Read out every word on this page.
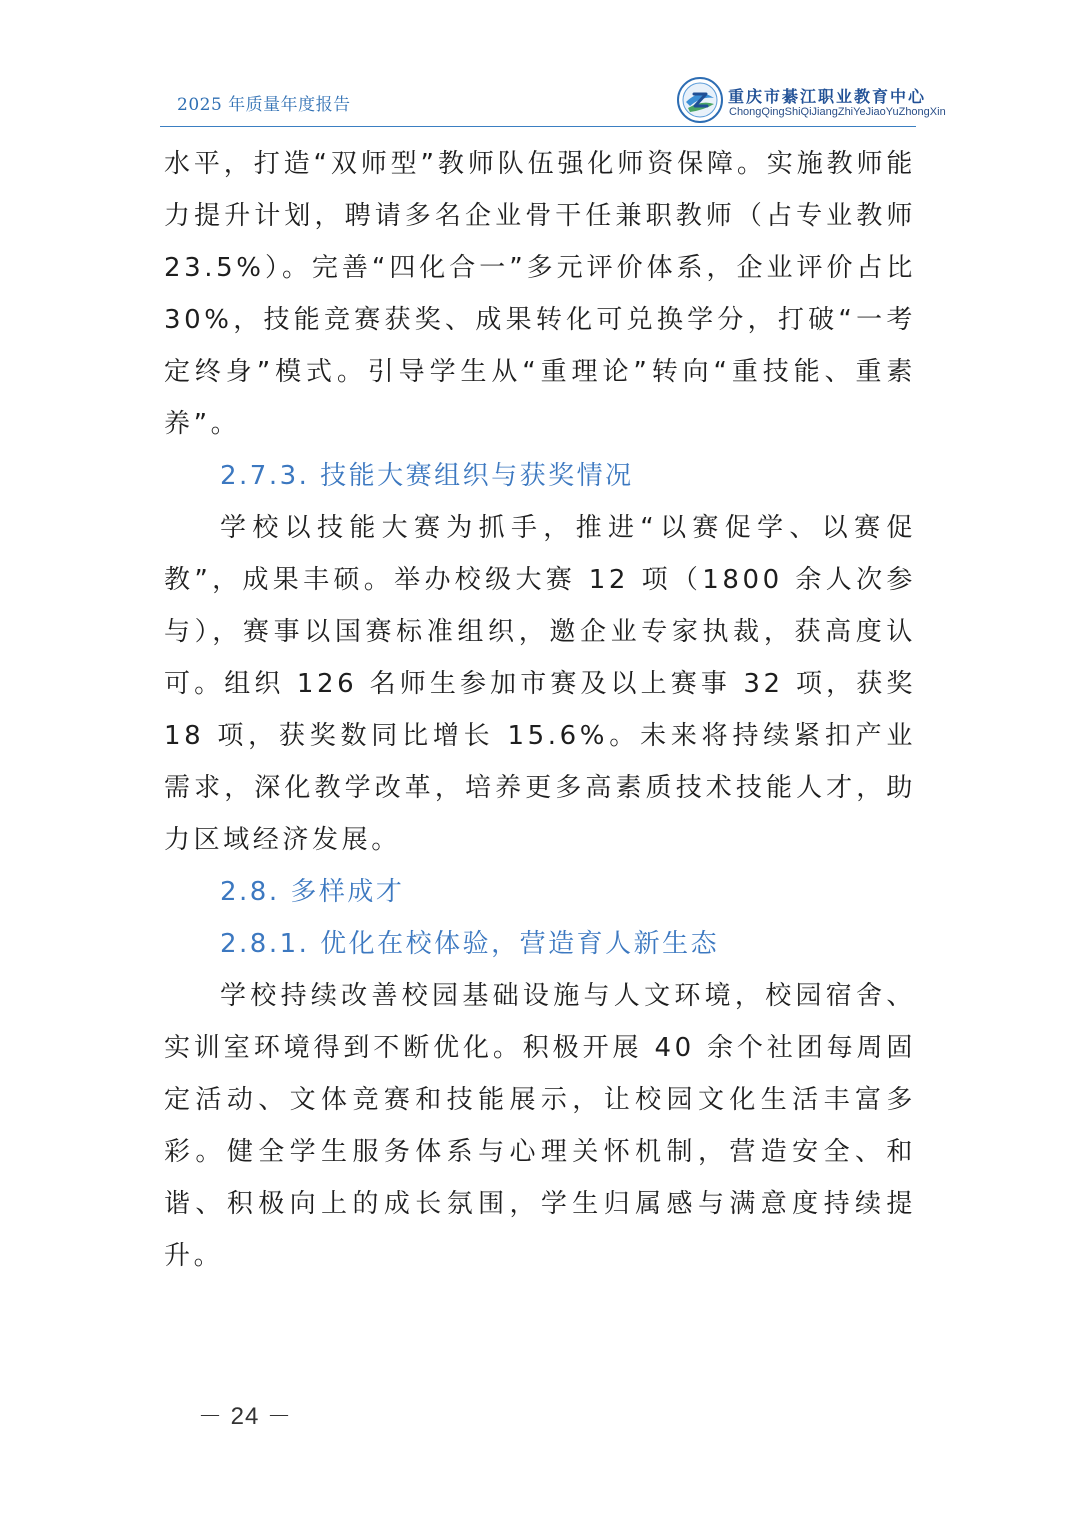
2025 年质量年度报告	重庆市綦江职业教育中心
ChongQingShiQiJiangZhiYeJiaoYuZhongXin

水平，打造“双师型”教师队伍强化师资保障。实施教师能力提升计划，聘请多名企业骨干任兼职教师（占专业教师 23.5%）。完善“四化合一”多元评价体系，企业评价占比 30%，技能竞赛获奖、成果转化可兑换学分，打破“一考定终身”模式。引导学生从“重理论”转向“重技能、重素养”。

2.7.3. 技能大赛组织与获奖情况

学校以技能大赛为抓手，推进“以赛促学、以赛促教”，成果丰硕。举办校级大赛 12 项（1800 余人次参与），赛事以国赛标准组织，邀企业专家执裁，获高度认可。组织 126 名师生参加市赛及以上赛事 32 项，获奖 18 项，获奖数同比增长 15.6%。未来将持续紧扣产业需求，深化教学改革，培养更多高素质技术技能人才，助力区域经济发展。

2.8. 多样成才

2.8.1. 优化在校体验，营造育人新生态

学校持续改善校园基础设施与人文环境，校园宿舍、实训室环境得到不断优化。积极开展 40 余个社团每周固定活动、文体竞赛和技能展示，让校园文化生活丰富多彩。健全学生服务体系与心理关怀机制，营造安全、和谐、积极向上的成长氛围，学生归属感与满意度持续提升。

－ 24 －
